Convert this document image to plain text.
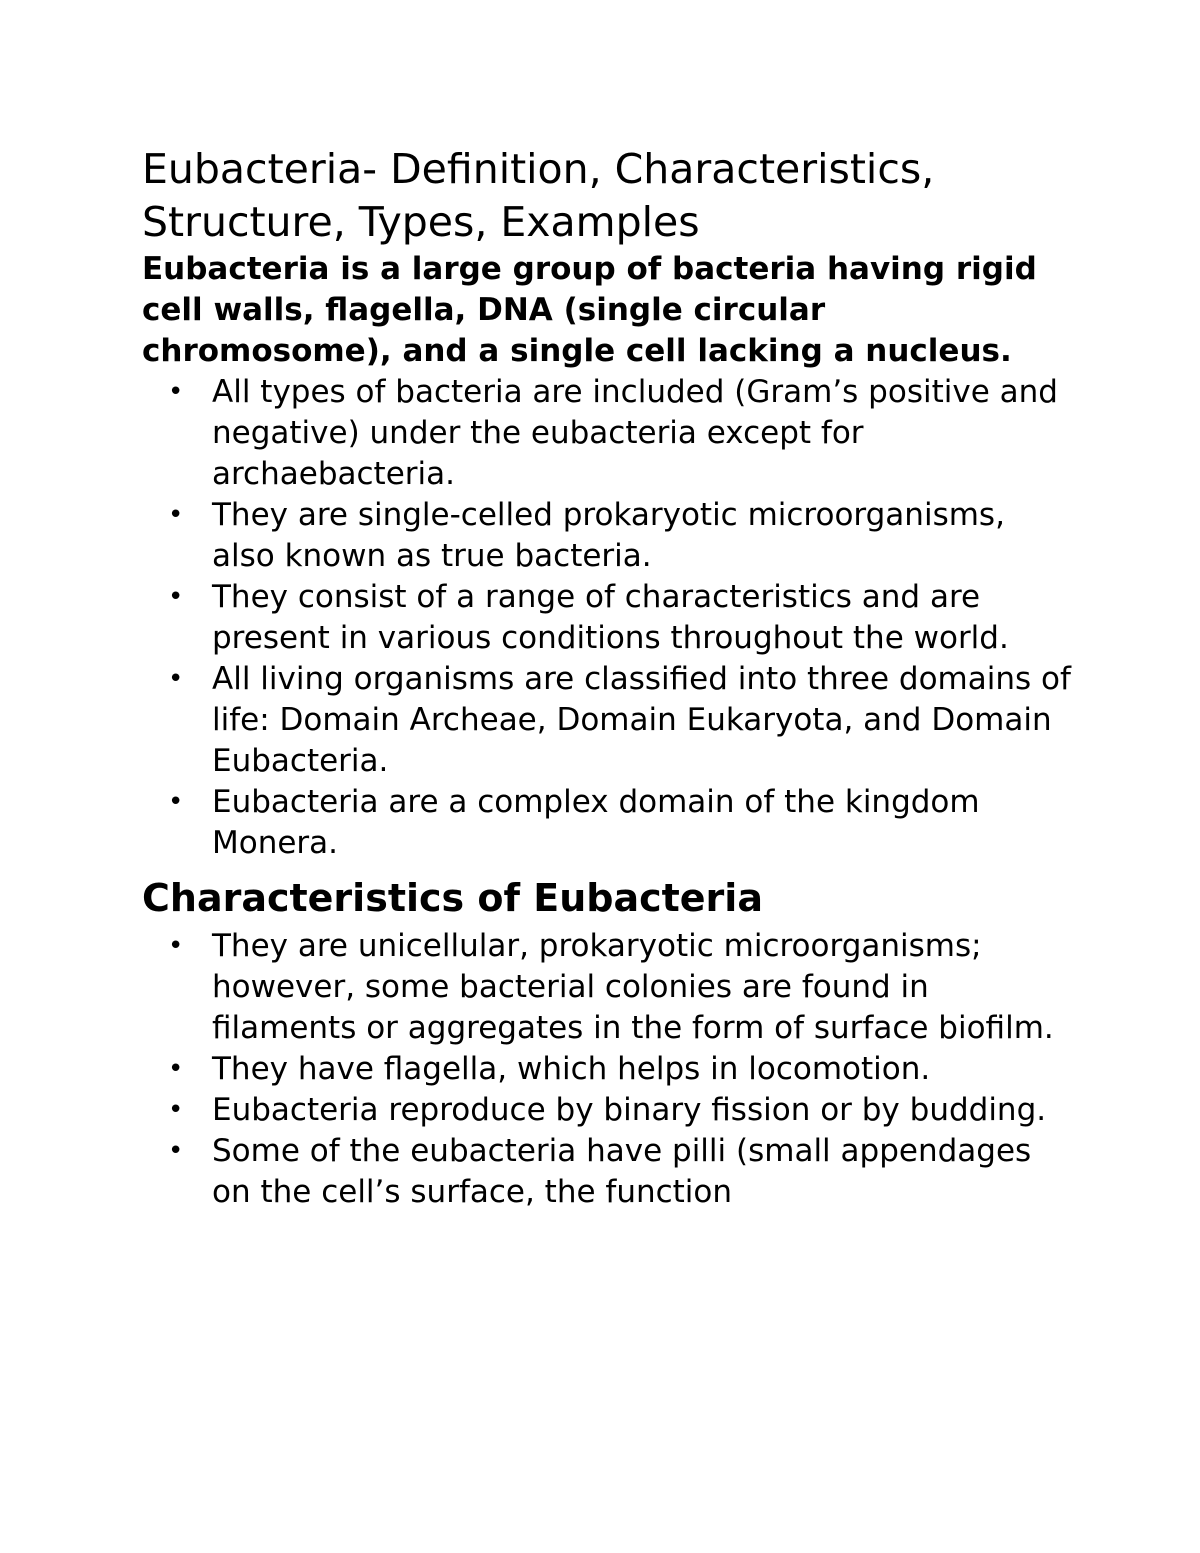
Eubacteria- Definition, Characteristics, Structure, Types, Examples

Eubacteria is a large group of bacteria having rigid cell walls, flagella, DNA (single circular chromosome), and a single cell lacking a nucleus.

• All types of bacteria are included (Gram’s positive and negative) under the eubacteria except for archaebacteria.
• They are single-celled prokaryotic microorganisms, also known as true bacteria.
• They consist of a range of characteristics and are present in various conditions throughout the world.
• All living organisms are classified into three domains of life: Domain Archeae, Domain Eukaryota, and Domain Eubacteria.
• Eubacteria are a complex domain of the kingdom Monera.
Characteristics of Eubacteria
• They are unicellular, prokaryotic microorganisms; however, some bacterial colonies are found in filaments or aggregates in the form of surface biofilm.
• They have flagella, which helps in locomotion.
• Eubacteria reproduce by binary fission or by budding.
• Some of the eubacteria have pilli (small appendages on the cell’s surface, the function
